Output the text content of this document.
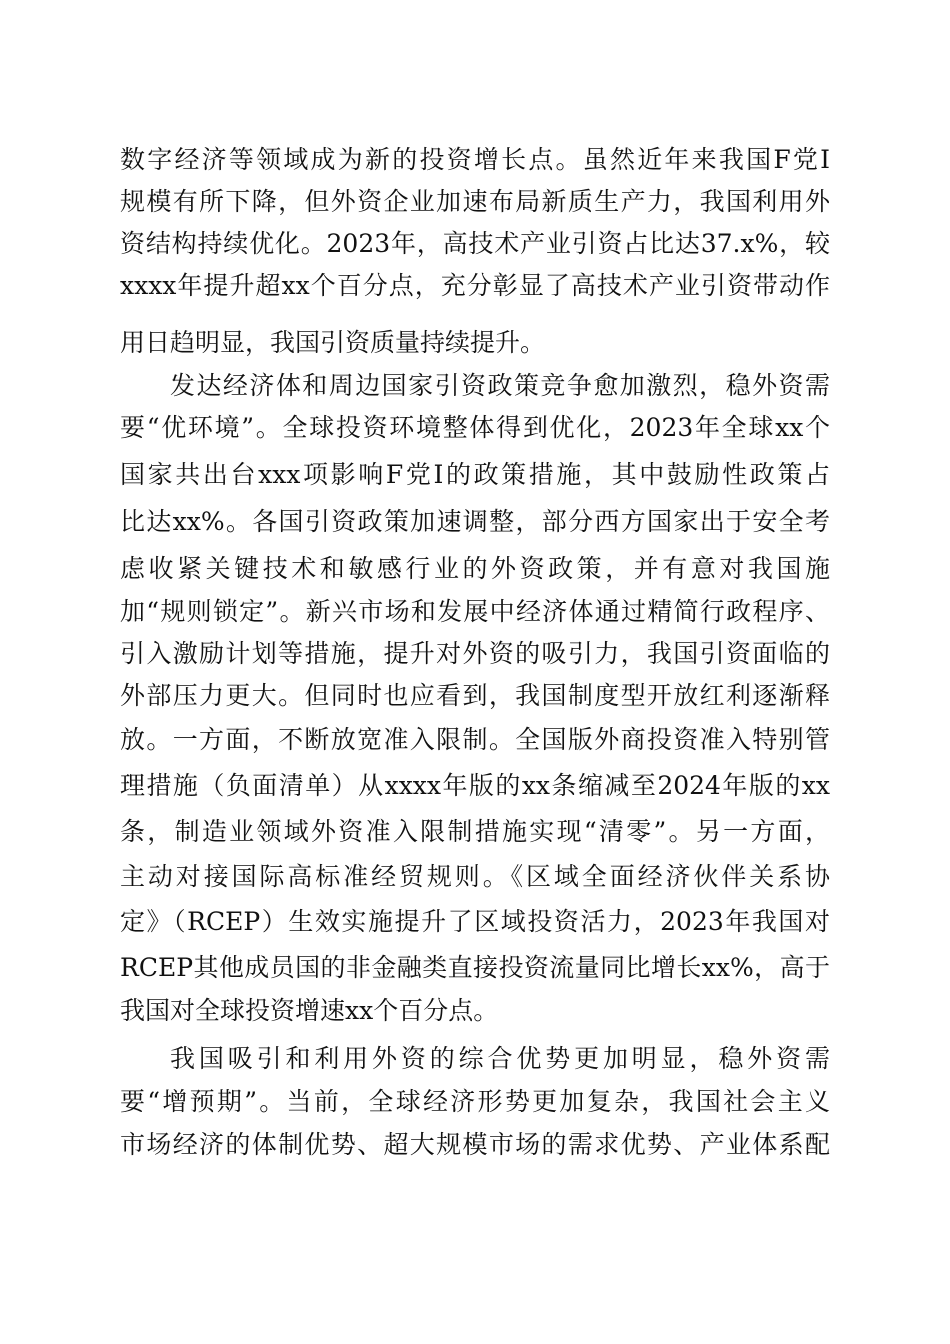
数字经济等领域成为新的投资增长点。虽然近年来我国F党I
规模有所下降，但外资企业加速布局新质生产力，我国利用外
资结构持续优化。2023年，高技术产业引资占比达37.x%，较
xxxx年提升超xx个百分点，充分彰显了高技术产业引资带动作
用日趋明显，我国引资质量持续提升。
发达经济体和周边国家引资政策竞争愈加激烈，稳外资需
要“优环境”。全球投资环境整体得到优化，2023年全球xx个
国家共出台xxx项影响F党I的政策措施，其中鼓励性政策占
比达xx%。各国引资政策加速调整，部分西方国家出于安全考
虑收紧关键技术和敏感行业的外资政策，并有意对我国施
加“规则锁定”。新兴市场和发展中经济体通过精简行政程序、
引入激励计划等措施，提升对外资的吸引力，我国引资面临的
外部压力更大。但同时也应看到，我国制度型开放红利逐渐释
放。一方面，不断放宽准入限制。全国版外商投资准入特别管
理措施（负面清单）从xxxx年版的xx条缩减至2024年版的xx
条，制造业领域外资准入限制措施实现“清零”。另一方面，
主动对接国际高标准经贸规则。《区域全面经济伙伴关系协
定》（RCEP）生效实施提升了区域投资活力，2023年我国对
RCEP其他成员国的非金融类直接投资流量同比增长xx%，高于
我国对全球投资增速xx个百分点。
我国吸引和利用外资的综合优势更加明显，稳外资需
要“增预期”。当前，全球经济形势更加复杂，我国社会主义
市场经济的体制优势、超大规模市场的需求优势、产业体系配
